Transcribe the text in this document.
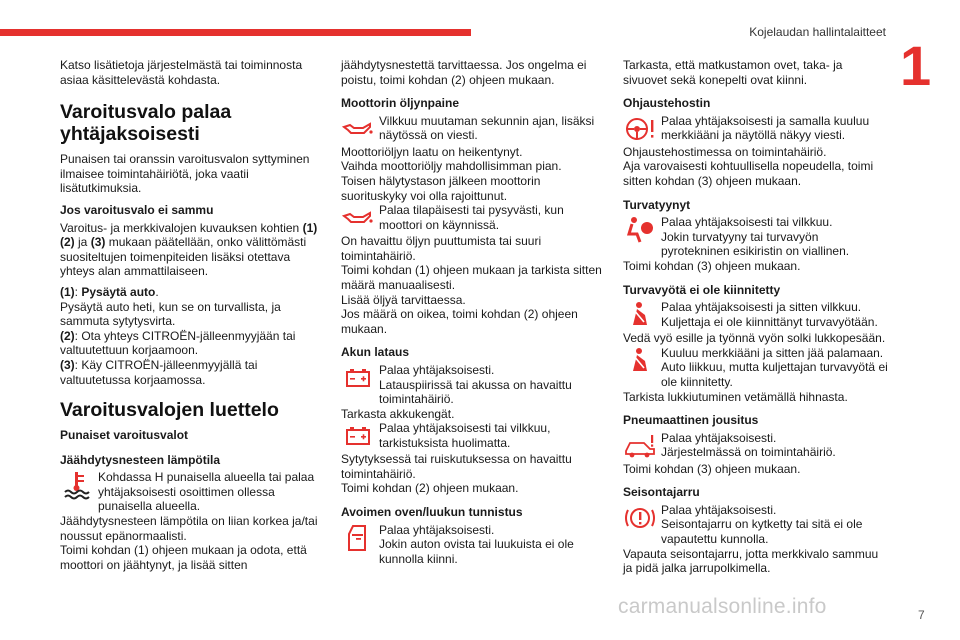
Kojelaudan hallintalaitteet
1

Katso lisätietoja järjestelmästä tai toiminnosta asiaa käsittelevästä kohdasta.

Varoitusvalo palaa yhtäjaksoisesti

Punaisen tai oranssin varoitusvalon syttyminen ilmaisee toimintahäiriötä, joka vaatii lisätutkimuksia.

Jos varoitusvalo ei sammu

Varoitus- ja merkkivalojen kuvauksen kohtien (1)(2) ja (3) mukaan päätellään, onko välittömästi suositeltujen toimenpiteiden lisäksi otettava yhteys alan ammattilaiseen.

(1): Pysäytä auto.

Pysäytä auto heti, kun se on turvallista, ja sammuta sytytysvirta.

(2): Ota yhteys CITROËN-jälleenmyyjään tai valtuutettuun korjaamoon.

(3): Käy CITROËN-jälleenmyyjällä tai valtuutetussa korjaamossa.

Varoitusvalojen luettelo
Punaiset varoitusvalot
Jäähdytysnesteen lämpötila

Kohdassa H punaisella alueella tai palaa yhtäjaksoisesti osoittimen ollessa punaisella alueella.

Jäähdytysnesteen lämpötila on liian korkea ja/tai noussut epänormaalisti.

Toimi kohdan (1) ohjeen mukaan ja odota, että moottori on jäähtynyt, ja lisää sitten

jäähdytysnestettä tarvittaessa. Jos ongelma ei poistu, toimi kohdan (2) ohjeen mukaan.

Moottorin öljynpaine

Vilkkuu muutaman sekunnin ajan, lisäksi näytössä on viesti.

Moottoriöljyn laatu on heikentynyt.
Vaihda moottoriöljy mahdollisimman pian.
Toisen hälytystason jälkeen moottorin suorituskyky voi olla rajoittunut.

Palaa tilapäisesti tai pysyvästi, kun moottori on käynnissä.

On havaittu öljyn puuttumista tai suuri toimintahäiriö.
Toimi kohdan (1) ohjeen mukaan ja tarkista sitten määrä manuaalisesti.
Lisää öljyä tarvittaessa.
Jos määrä on oikea, toimi kohdan (2) ohjeen mukaan.

Akun lataus

Palaa yhtäjaksoisesti.
Latauspiirissä tai akussa on havaittu toimintahäiriö.

Tarkasta akkukengät.

Palaa yhtäjaksoisesti tai vilkkuu, tarkistuksista huolimatta.

Sytytyksessä tai ruiskutuksessa on havaittu toimintahäiriö.
Toimi kohdan (2) ohjeen mukaan.

Avoimen oven/luukun tunnistus

Palaa yhtäjaksoisesti.
Jokin auton ovista tai luukuista ei ole kunnolla kiinni.

Tarkasta, että matkustamon ovet, taka- ja sivuovet sekä konepelti ovat kiinni.

Ohjaustehostin

Palaa yhtäjaksoisesti ja samalla kuuluu merkkiääni ja näytöllä näkyy viesti.

Ohjaustehostimessa on toimintahäiriö.
Aja varovaisesti kohtuullisella nopeudella, toimi sitten kohdan (3) ohjeen mukaan.

Turvatyynyt

Palaa yhtäjaksoisesti tai vilkkuu.
Jokin turvatyyny tai turvavyön pyrotekninen esikiristin on viallinen.

Toimi kohdan (3) ohjeen mukaan.

Turvavyötä ei ole kiinnitetty

Palaa yhtäjaksoisesti ja sitten vilkkuu.
Kuljettaja ei ole kiinnittänyt turvavyötään.

Vedä vyö esille ja työnnä vyön solki lukkopesään.

Kuuluu merkkiääni ja sitten jää palamaan.
Auto liikkuu, mutta kuljettajan turvavyötä ei ole kiinnitetty.

Tarkista lukkiutuminen vetämällä hihnasta.

Pneumaattinen jousitus

Palaa yhtäjaksoisesti.
Järjestelmässä on toimintahäiriö.

Toimi kohdan (3) ohjeen mukaan.

Seisontajarru

Palaa yhtäjaksoisesti.
Seisontajarru on kytketty tai sitä ei ole vapautettu kunnolla.

Vapauta seisontajarru, jotta merkkivalo sammuu ja pidä jalka jarrupolkimella.

carmanualsonline.info	7
